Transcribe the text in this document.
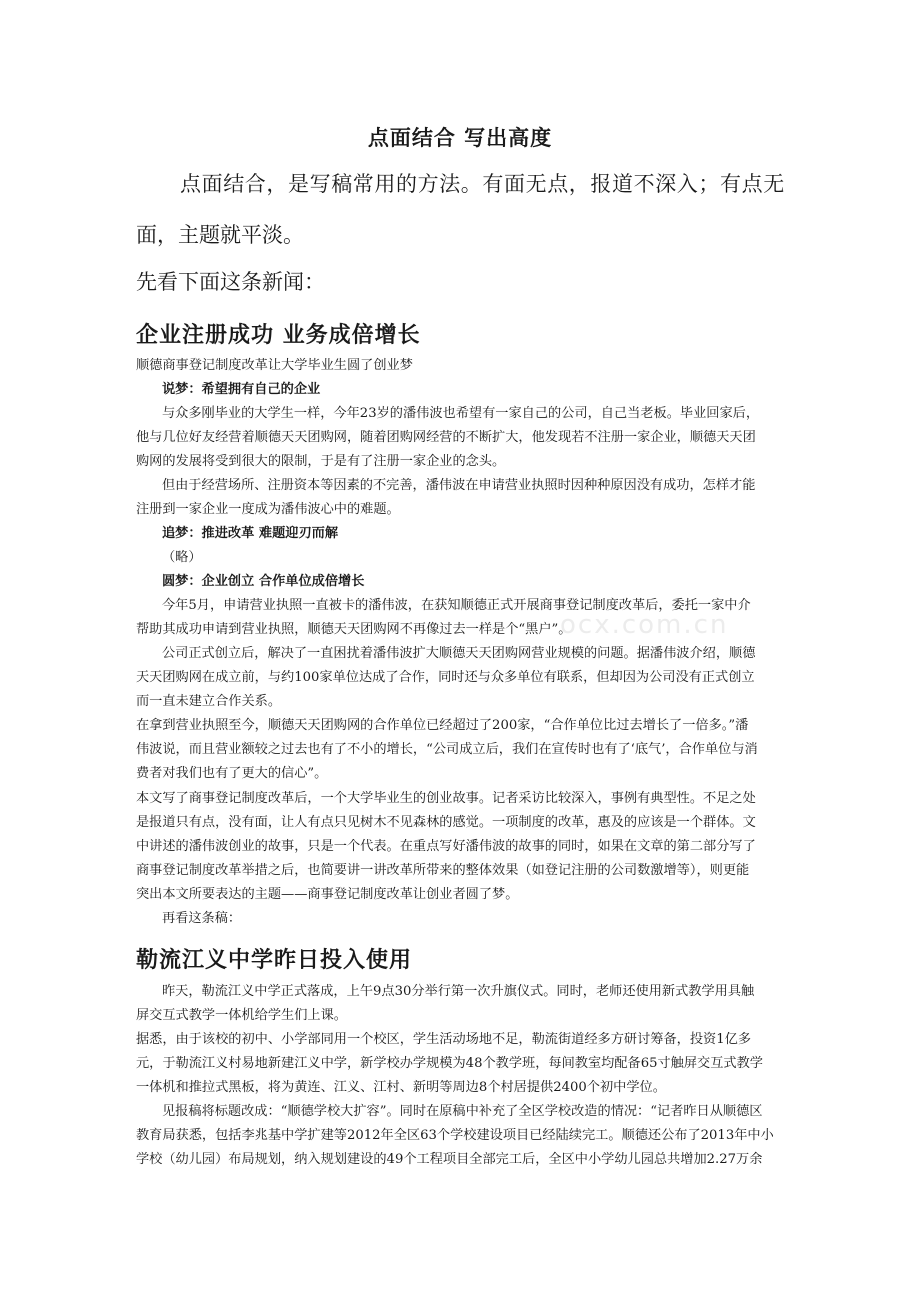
ocx.com.cn
点面结合 写出高度
点面结合，是写稿常用的方法。有面无点，报道不深入；有点无
面，主题就平淡。
先看下面这条新闻：
企业注册成功 业务成倍增长
顺德商事登记制度改革让大学毕业生圆了创业梦
说梦：希望拥有自己的企业
与众多刚毕业的大学生一样，今年23岁的潘伟波也希望有一家自己的公司，自己当老板。毕业回家后，
他与几位好友经营着顺德天天团购网，随着团购网经营的不断扩大，他发现若不注册一家企业，顺德天天团
购网的发展将受到很大的限制，于是有了注册一家企业的念头。
但由于经营场所、注册资本等因素的不完善，潘伟波在申请营业执照时因种种原因没有成功，怎样才能
注册到一家企业一度成为潘伟波心中的难题。
追梦：推进改革 难题迎刃而解
（略）
圆梦：企业创立 合作单位成倍增长
今年5月，申请营业执照一直被卡的潘伟波，在获知顺德正式开展商事登记制度改革后，委托一家中介
帮助其成功申请到营业执照，顺德天天团购网不再像过去一样是个“黑户”。
公司正式创立后，解决了一直困扰着潘伟波扩大顺德天天团购网营业规模的问题。据潘伟波介绍，顺德
天天团购网在成立前，与约100家单位达成了合作，同时还与众多单位有联系，但却因为公司没有正式创立
而一直未建立合作关系。
在拿到营业执照至今，顺德天天团购网的合作单位已经超过了200家，“合作单位比过去增长了一倍多。”潘
伟波说，而且营业额较之过去也有了不小的增长，“公司成立后，我们在宣传时也有了‘底气’，合作单位与消
费者对我们也有了更大的信心”。
本文写了商事登记制度改革后，一个大学毕业生的创业故事。记者采访比较深入，事例有典型性。不足之处
是报道只有点，没有面，让人有点只见树木不见森林的感觉。一项制度的改革，惠及的应该是一个群体。文
中讲述的潘伟波创业的故事，只是一个代表。在重点写好潘伟波的故事的同时，如果在文章的第二部分写了
商事登记制度改革举措之后，也简要讲一讲改革所带来的整体效果（如登记注册的公司数激增等），则更能
突出本文所要表达的主题——商事登记制度改革让创业者圆了梦。
再看这条稿：
勒流江义中学昨日投入使用
昨天，勒流江义中学正式落成，上午9点30分举行第一次升旗仪式。同时，老师还使用新式教学用具触
屏交互式教学一体机给学生们上课。
据悉，由于该校的初中、小学部同用一个校区，学生活动场地不足，勒流街道经多方研讨筹备，投资1亿多
元，于勒流江义村易地新建江义中学，新学校办学规模为48个教学班，每间教室均配备65寸触屏交互式教学
一体机和推拉式黑板，将为黄连、江义、江村、新明等周边8个村居提供2400个初中学位。
见报稿将标题改成：“顺德学校大扩容”。同时在原稿中补充了全区学校改造的情况：“记者昨日从顺德区
教育局获悉，包括李兆基中学扩建等2012年全区63个学校建设项目已经陆续完工。顺德还公布了2013年中小
学校（幼儿园）布局规划，纳入规划建设的49个工程项目全部完工后，全区中小学幼儿园总共增加2.27万余
